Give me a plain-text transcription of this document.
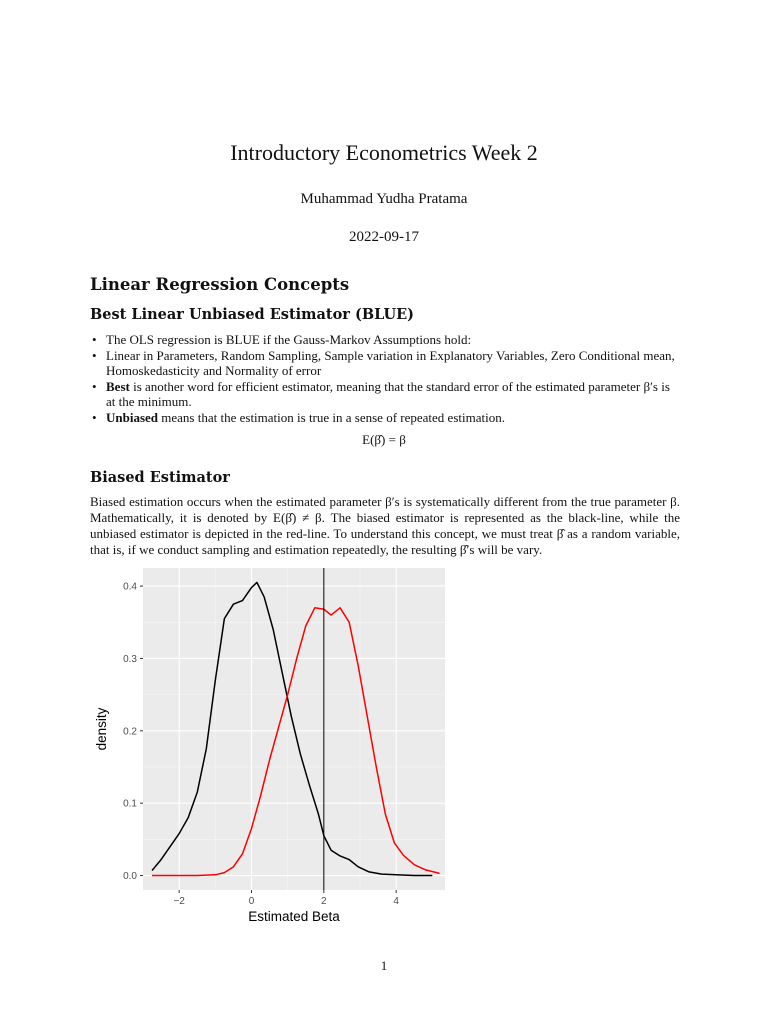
Introductory Econometrics Week 2
Muhammad Yudha Pratama
2022-09-17
Linear Regression Concepts
Best Linear Unbiased Estimator (BLUE)
• The OLS regression is BLUE if the Gauss-Markov Assumptions hold:
• Linear in Parameters, Random Sampling, Sample variation in Explanatory Variables, Zero Conditional mean, Homoskedasticity and Normality of error
• Best is another word for efficient estimator, meaning that the standard error of the estimated parameter β′s is at the minimum.
• Unbiased means that the estimation is true in a sense of repeated estimation.
E(β̂) = β
Biased Estimator

Biased estimation occurs when the estimated parameter β′s is systematically different from the true parameter β. Mathematically, it is denoted by E(β̂) ≠ β. The biased estimator is represented as the black-line, while the unbiased estimator is depicted in the red-line. To understand this concept, we must treat β̂ as a random variable, that is, if we conduct sampling and estimation repeatedly, the resulting β̂′s will be vary.

−2	0	2	4
0.0
0.1
0.2
0.3
0.4
Estimated Beta
density
1
